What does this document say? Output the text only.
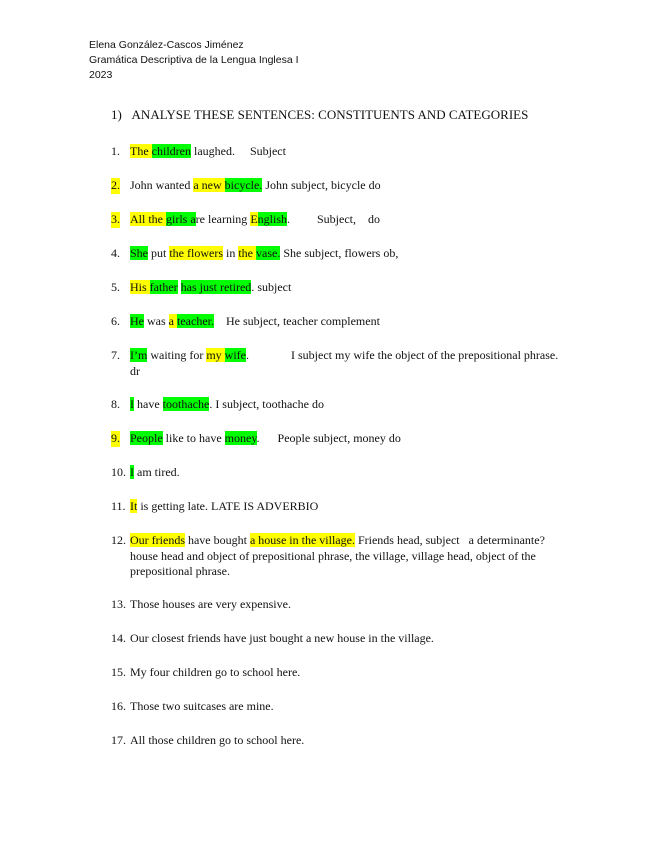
Elena González-Cascos Jiménez
Gramática Descriptiva de la Lengua Inglesa I
2023
1) ANALYSE THESE SENTENCES: CONSTITUENTS AND CATEGORIES
1. The children laughed.     Subject
2. John wanted a new bicycle. John subject, bicycle do
3. All the girls are learning English.         Subject,    do
4. She put the flowers in the vase. She subject, flowers ob,
5. His father has just retired. subject
6. He was a teacher.    He subject, teacher complement
7. I’m waiting for my wife.              I subject my wife the object of the prepositional phrase. dr
8. I have toothache. I subject, toothache do
9. People like to have money.      People subject, money do
10. I am tired.
11. It is getting late. LATE IS ADVERBIO
12. Our friends have bought a house in the village. Friends head, subject   a determinante? house head and object of prepositional phrase, the village, village head, object of the prepositional phrase.
13. Those houses are very expensive.
14. Our closest friends have just bought a new house in the village.
15. My four children go to school here.
16. Those two suitcases are mine.
17. All those children go to school here.
